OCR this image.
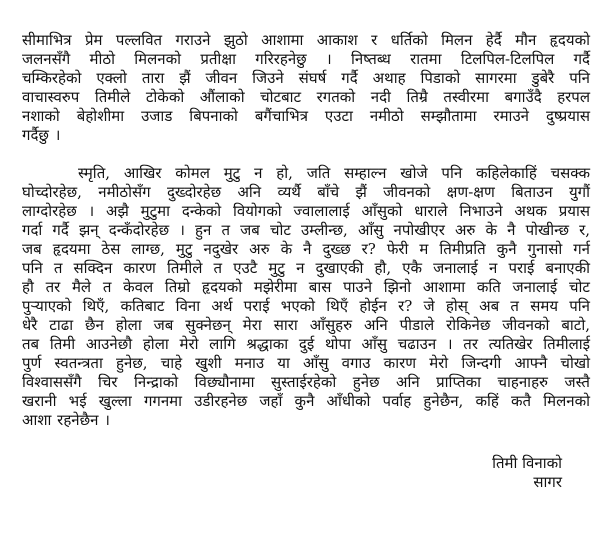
सीमाभित्र प्रेम पल्लवित गराउने झुठो आशामा आकाश र धर्तिको मिलन हेर्दै मौन हृदयको
जलनसँगै मीठो मिलनको प्रतीक्षा गरिरहनेछु । निष्तब्ध रातमा टिलपिल-टिलपिल गर्दै
चम्किरहेको एक्लो तारा झैं जीवन जिउने संघर्ष गर्दै अथाह पिडाको सागरमा डुबेरै पनि
वाचास्वरुप तिमीले टोकेको औंलाको चोटबाट रगतको नदी तिम्रै तस्वीरमा बगाउँदै हरपल
नशाको बेहोशीमा उजाड बिपनाको बगैंचाभित्र एउटा नमीठो सम्झौतामा रमाउने दुष्प्रयास
गर्दैछु ।
स्मृति, आखिर कोमल मुटु न हो, जति सम्हाल्न खोजे पनि कहिलेकाहिं चसक्क
घोच्दोरहेछ, नमीठोसँग दुख्दोरहेछ अनि व्यर्थै बाँचे झैं जीवनको क्षण-क्षण बिताउन युगौं
लाग्दोरहेछ । अझै मुटुमा दन्केको वियोगको ज्वालालाई आँसुको धाराले निभाउने अथक प्रयास
गर्दा गर्दै झन् दन्कँदोरहेछ । हुन त जब चोट उम्लीन्छ, आँसु नपोखीएर अरु के नै पोखीन्छ र,
जब हृदयमा ठेस लाग्छ, मुटु नदुखेर अरु के नै दुख्छ र? फेरी म तिमीप्रति कुनै गुनासो गर्न
पनि त सक्दिन कारण तिमीले त एउटै मुटु न दुखाएकी हौ, एकै जनालाई न पराई बनाएकी
हौ तर मैले त केवल तिम्रो हृदयको मझेरीमा बास पाउने झिनो आशामा कति जनालाई चोट
पुर्‍याएको थिएँ, कतिबाट विना अर्थ पराई भएको थिएँ होईन र? जे होस् अब त समय पनि
धेरै टाढा छैन होला जब सुक्नेछन् मेरा सारा आँसुहरु अनि पीडाले रोकिनेछ जीवनको बाटो,
तब तिमी आउनेछौ होला मेरो लागि श्रद्धाका दुई थोपा आँसु चढाउन । तर त्यतिखेर तिमीलाई
पुर्ण स्वतन्त्रता हुनेछ, चाहे खुशी मनाउ या आँसु वगाउ कारण मेरो जिन्दगी आफ्नै चोखो
विश्वाससँगै चिर निन्द्राको विछ्यौनामा सुस्ताईरहेको हुनेछ अनि प्राप्तिका चाहनाहरु जस्तै
खरानी भई खुल्ला गगनमा उडीरहनेछ जहाँ कुनै आँधीको पर्वाह हुनेछैन, कहिं कतै मिलनको
आशा रहनेछैन ।
तिमी विनाको
सागर
